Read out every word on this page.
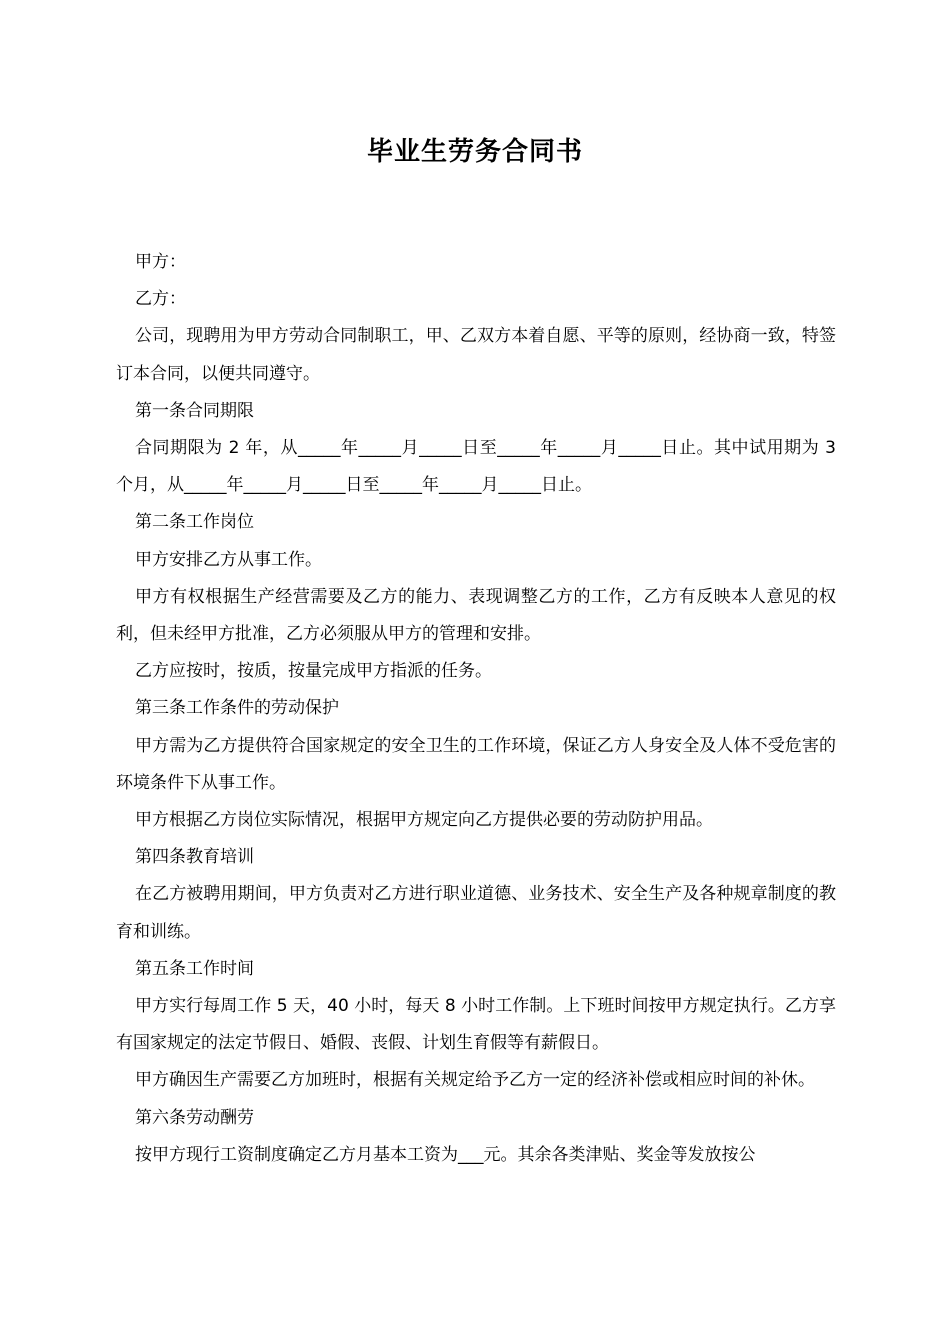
毕业生劳务合同书

甲方：

乙方：

公司，现聘用为甲方劳动合同制职工，甲、乙双方本着自愿、平等的原则，经协商一致，特签订本合同，以便共同遵守。

第一条合同期限

合同期限为 2 年，从_____年_____月_____日至_____年_____月_____日止。其中试用期为 3 个月，从_____年_____月_____日至_____年_____月_____日止。

第二条工作岗位

甲方安排乙方从事工作。

甲方有权根据生产经营需要及乙方的能力、表现调整乙方的工作，乙方有反映本人意见的权利，但未经甲方批准，乙方必须服从甲方的管理和安排。

乙方应按时，按质，按量完成甲方指派的任务。

第三条工作条件的劳动保护

甲方需为乙方提供符合国家规定的安全卫生的工作环境，保证乙方人身安全及人体不受危害的环境条件下从事工作。

甲方根据乙方岗位实际情况，根据甲方规定向乙方提供必要的劳动防护用品。

第四条教育培训

在乙方被聘用期间，甲方负责对乙方进行职业道德、业务技术、安全生产及各种规章制度的教育和训练。

第五条工作时间

甲方实行每周工作 5 天，40 小时，每天 8 小时工作制。上下班时间按甲方规定执行。乙方享有国家规定的法定节假日、婚假、丧假、计划生育假等有薪假日。

甲方确因生产需要乙方加班时，根据有关规定给予乙方一定的经济补偿或相应时间的补休。

第六条劳动酬劳

按甲方现行工资制度确定乙方月基本工资为___元。其余各类津贴、奖金等发放按公
